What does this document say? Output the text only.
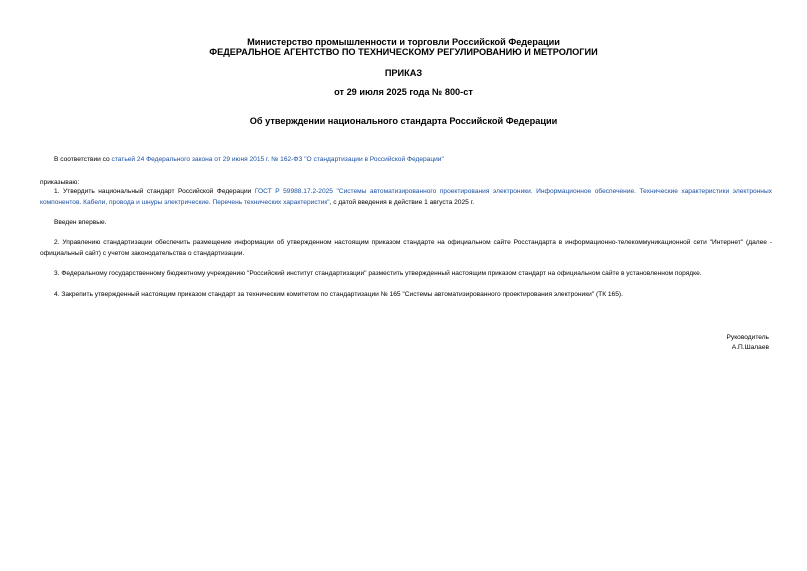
Министерство промышленности и торговли Российской Федерации
ФЕДЕРАЛЬНОЕ АГЕНТСТВО ПО ТЕХНИЧЕСКОМУ РЕГУЛИРОВАНИЮ И МЕТРОЛОГИИ
ПРИКАЗ
от 29 июля 2025 года № 800-ст
Об утверждении национального стандарта Российской Федерации
В соответствии со статьей 24 Федерального закона от 29 июня 2015 г. № 162-ФЗ "О стандартизации в Российской Федерации"
приказываю:
1. Утвердить национальный стандарт Российской Федерации ГОСТ Р 59988.17.2-2025 "Системы автоматизированного проектирования электроники. Информационное обеспечение. Технические характеристики электронных компонентов. Кабели, провода и шнуры электрические. Перечень технических характеристик", с датой введения в действие 1 августа 2025 г.
Введен впервые.
2. Управлению стандартизации обеспечить размещение информации об утвержденном настоящим приказом стандарте на официальном сайте Росстандарта в информационно-телекоммуникационной сети "Интернет" (далее - официальный сайт) с учетом законодательства о стандартизации.
3. Федеральному государственному бюджетному учреждению "Российский институт стандартизации" разместить утвержденный настоящим приказом стандарт на официальном сайте в установленном порядке.
4. Закрепить утвержденный настоящим приказом стандарт за техническим комитетом по стандартизации № 165 "Системы автоматизированного проектирования электроники" (ТК 165).
Руководитель
А.П.Шалаев
